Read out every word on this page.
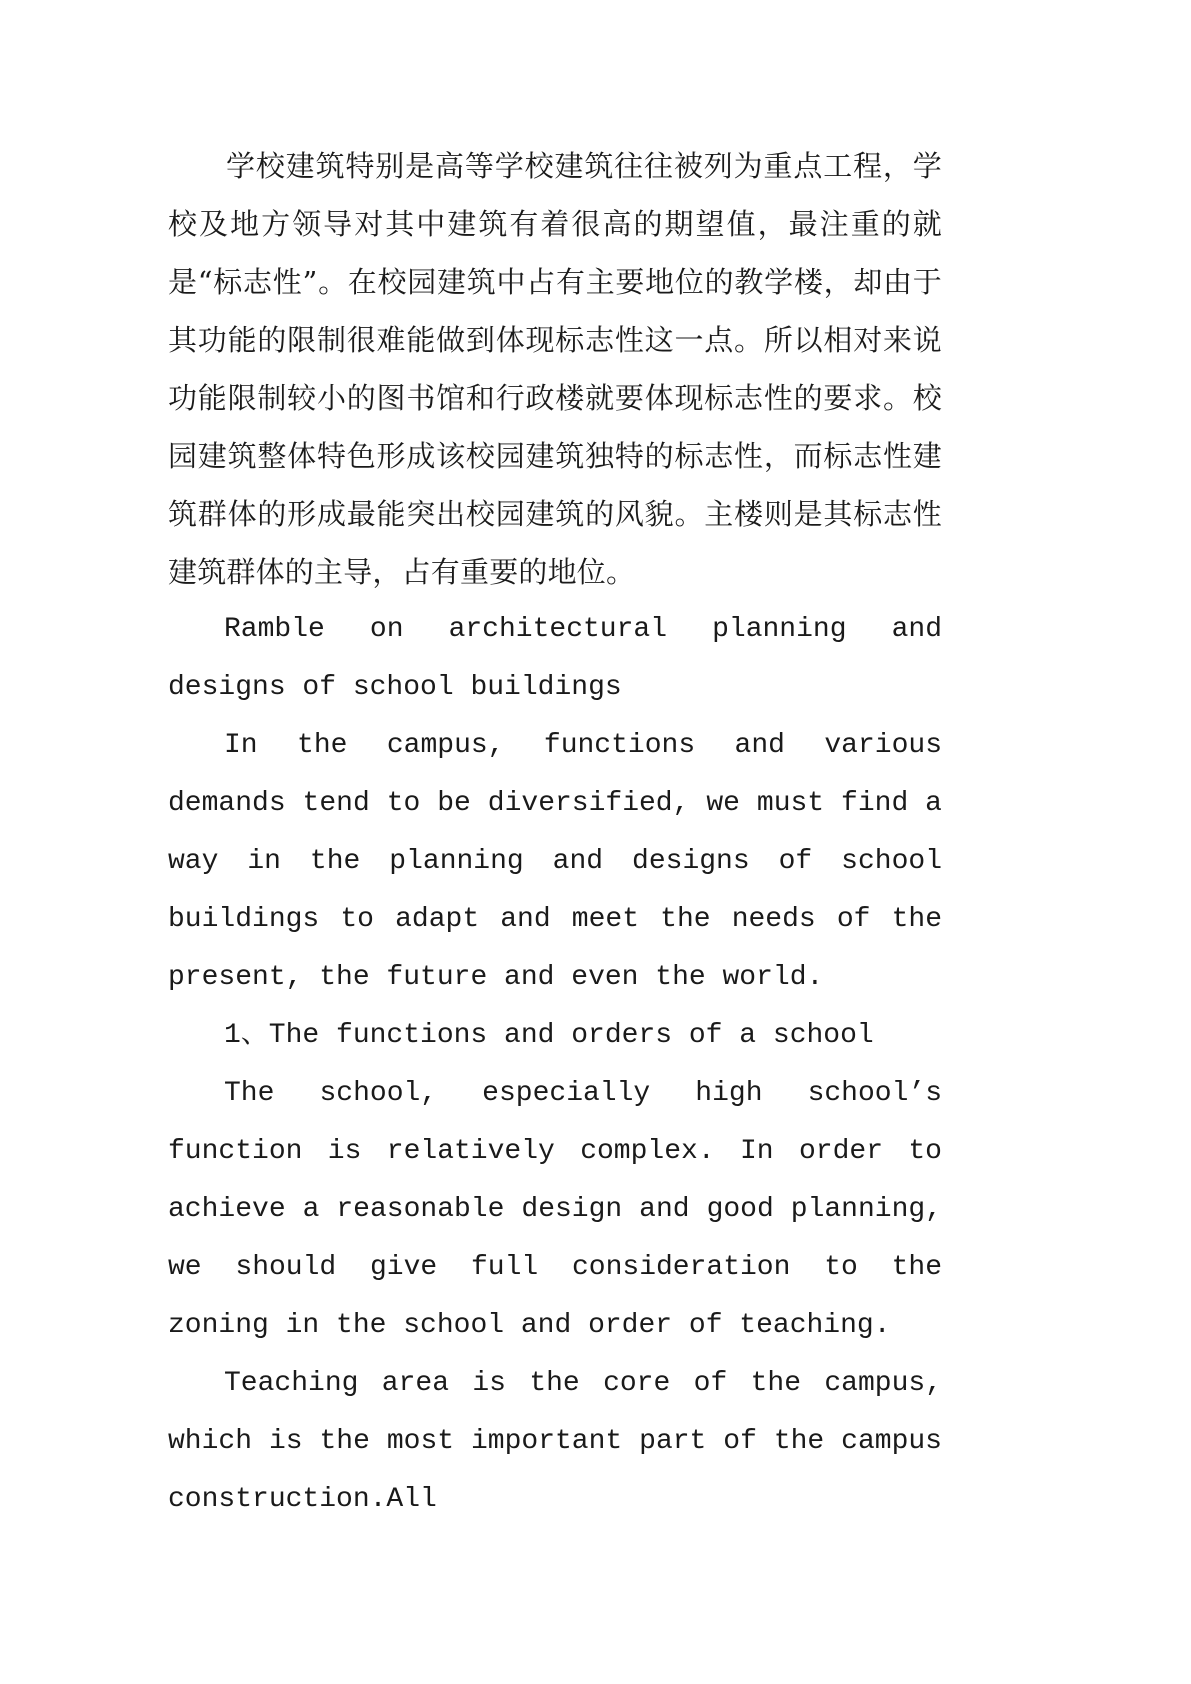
学校建筑特别是高等学校建筑往往被列为重点工程，学校及地方领导对其中建筑有着很高的期望值，最注重的就是“标志性”。在校园建筑中占有主要地位的教学楼，却由于其功能的限制很难能做到体现标志性这一点。所以相对来说功能限制较小的图书馆和行政楼就要体现标志性的要求。校园建筑整体特色形成该校园建筑独特的标志性，而标志性建筑群体的形成最能突出校园建筑的风貌。主楼则是其标志性建筑群体的主导，占有重要的地位。

Ramble on architectural planning and designs of school buildings

In the campus, functions and various demands tend to be diversified, we must find a way in the planning and designs of school buildings to adapt and meet the needs of the present, the future and even the world.

1、The functions and orders of a school

The school, especially high school’s function is relatively complex. In order to achieve a reasonable design and good planning, we should give full consideration to the zoning in the school and order of teaching.

Teaching area is the core of the campus, which is the most important part of the campus construction.All
